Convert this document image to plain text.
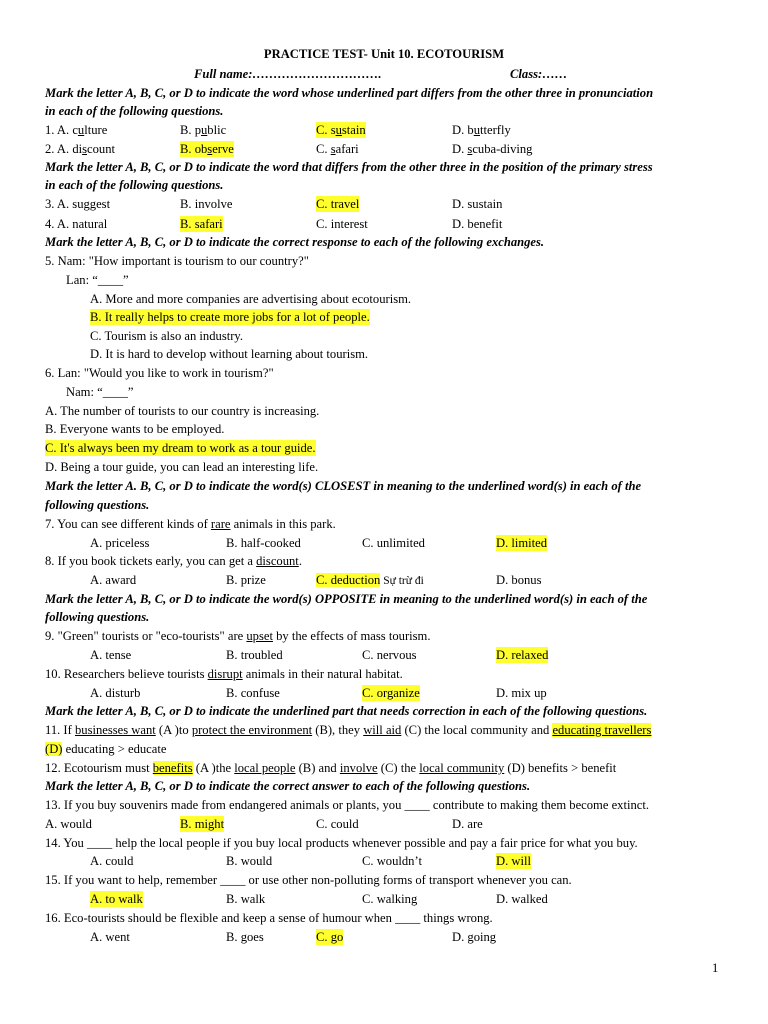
PRACTICE TEST- Unit 10. ECOTOURISM
Full name:………………………….	Class:……
Mark the letter A, B, C, or D to indicate the word whose underlined part differs from the other three in pronunciation
in each of the following questions.
1. A. culture	B. public	C. sustain	D. butterfly
2. A. discount	B. observe	C. safari	D. scuba-diving
Mark the letter A, B, C, or D to indicate the word that differs from the other three in the position of the primary stress
in each of the following questions.
3. A. suggest	B. involve	C. travel	D. sustain
4. A. natural	B. safari	C. interest	D. benefit
Mark the letter A, B, C, or D to indicate the correct response to each of the following exchanges.
5. Nam: "How important is tourism to our country?"
Lan: “____”
A. More and more companies are advertising about ecotourism.
B. It really helps to create more jobs for a lot of people.
C. Tourism is also an industry.
D. It is hard to develop without learning about tourism.
6. Lan: "Would you like to work in tourism?"
Nam: “____”
A. The number of tourists to our country is increasing.
B. Everyone wants to be employed.
C. It's always been my dream to work as a tour guide.
D. Being a tour guide, you can lead an interesting life.
Mark the letter A. B, C, or D to indicate the word(s) CLOSEST in meaning to the underlined word(s) in each of the
following questions.
7. You can see different kinds of rare animals in this park.
A. priceless	B. half-cooked	C. unlimited	D. limited
8. If you book tickets early, you can get a discount.
A. award	B. prize	C. deduction Sự trừ đi	D. bonus
Mark the letter A, B, C, or D to indicate the word(s) OPPOSITE in meaning to the underlined word(s) in each of the
following questions.
9. "Green" tourists or "eco-tourists" are upset by the effects of mass tourism.
A. tense	B. troubled	C. nervous	D. relaxed
10. Researchers believe tourists disrupt animals in their natural habitat.
A. disturb	B. confuse	C. organize	D. mix up
Mark the letter A, B, C, or D to indicate the underlined part that needs correction in each of the following questions.
11. If businesses want (A )to protect the environment (B), they will aid (C) the local community and educating travellers
(D) educating > educate
12. Ecotourism must benefits (A )the local people (B) and involve (C) the local community (D) benefits > benefit
Mark the letter A, B, C, or D to indicate the correct answer to each of the following questions.
13. If you buy souvenirs made from endangered animals or plants, you ____ contribute to making them become extinct.
A. would	B. might	C. could	D. are
14. You ____ help the local people if you buy local products whenever possible and pay a fair price for what you buy.
A. could	B. would	C. wouldn’t	D. will
15. If you want to help, remember ____ or use other non-polluting forms of transport whenever you can.
A. to walk	B. walk	C. walking	D. walked
16. Eco-tourists should be flexible and keep a sense of humour when ____ things wrong.
A. went	B. goes	C. go	D. going
1
